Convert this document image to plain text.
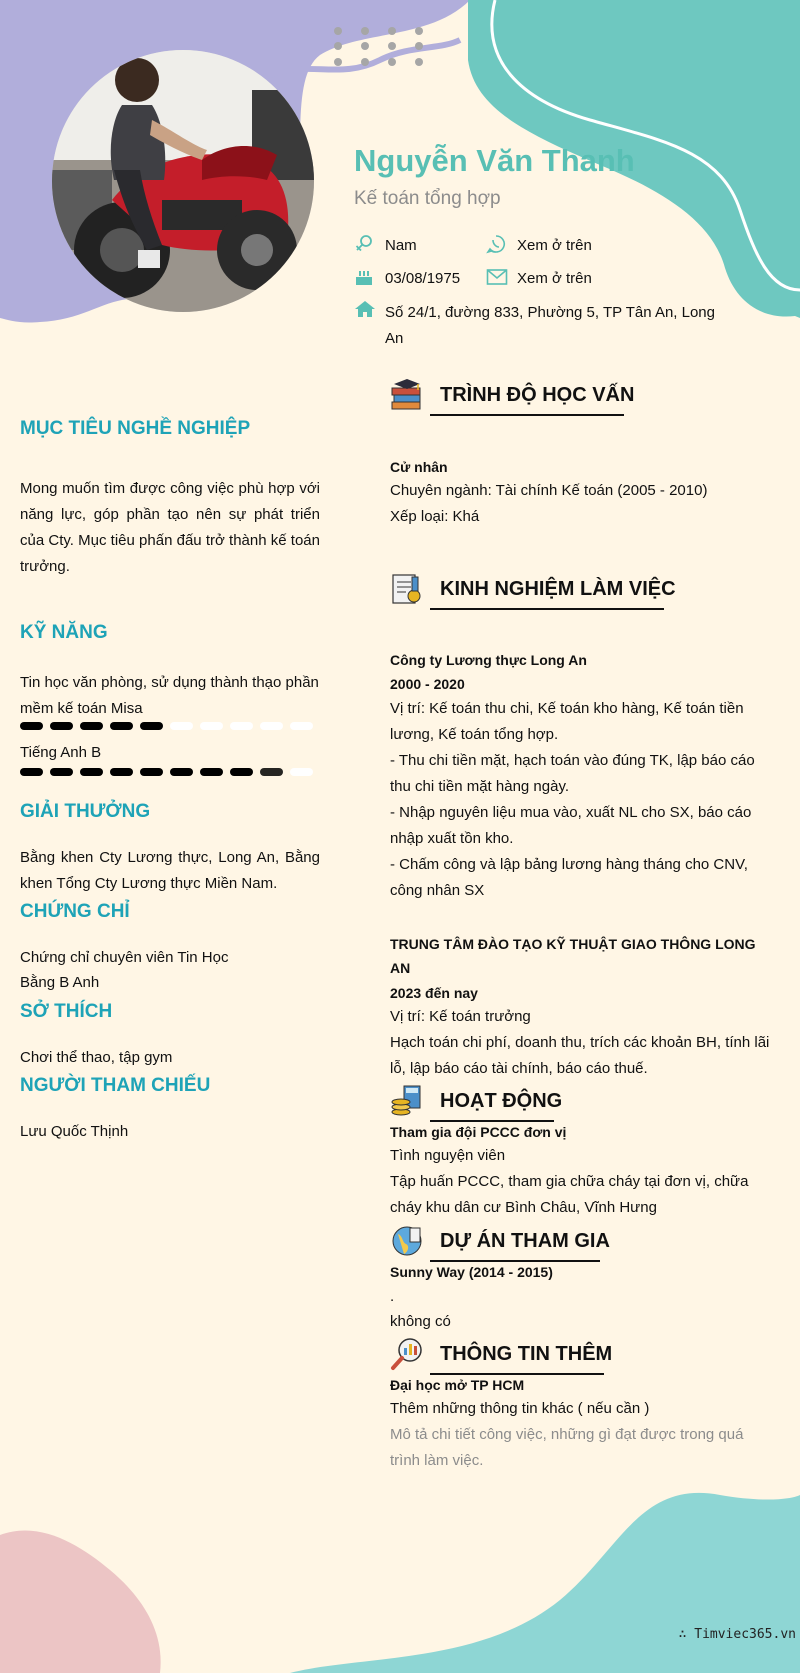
Nguyễn Văn Thanh
Kế toán tổng hợp
Nam	Xem ở trên
03/08/1975	Xem ở trên
Số 24/1, đường 833, Phường 5, TP Tân An, Long
An
MỤC TIÊU NGHỀ NGHIỆP
Mong muốn tìm được công việc phù hợp với năng lực, góp phần tạo nên sự phát triển của Cty. Mục tiêu phấn đấu trở thành kế toán trưởng.
KỸ NĂNG
Tin học văn phòng, sử dụng thành thạo phần mềm kế toán Misa
Tiếng Anh B
GIẢI THƯỞNG
Bằng khen Cty Lương thực, Long An, Bằng khen Tổng Cty Lương thực Miền Nam.
CHỨNG CHỈ
Chứng chỉ chuyên viên Tin Học
Bằng B Anh
SỞ THÍCH
Chơi thể thao, tập gym
NGƯỜI THAM CHIẾU
Lưu Quốc Thịnh
TRÌNH ĐỘ HỌC VẤN
Cử nhân
Chuyên ngành: Tài chính Kế toán (2005 - 2010)
Xếp loại: Khá
KINH NGHIỆM LÀM VIỆC
Công ty Lương thực Long An
2000 - 2020
Vị trí: Kế toán thu chi, Kế toán kho hàng, Kế toán tiền lương, Kế toán tổng hợp.
- Thu chi tiền mặt, hạch toán vào đúng TK, lập báo cáo thu chi tiền mặt hàng ngày.
- Nhập nguyên liệu mua vào, xuất NL cho SX, báo cáo nhập xuất tồn kho.
- Chấm công và lập bảng lương hàng tháng cho CNV, công nhân SX
TRUNG TÂM ĐÀO TẠO KỸ THUẬT GIAO THÔNG LONG AN
2023 đến nay
Vị trí: Kế toán trưởng
Hạch toán chi phí, doanh thu, trích các khoản BH, tính lãi lỗ, lập báo cáo tài chính, báo cáo thuế.
HOẠT ĐỘNG
Tham gia đội PCCC đơn vị
Tình nguyện viên
Tập huấn PCCC, tham gia chữa cháy tại đơn vị, chữa cháy khu dân cư Bình Châu, Vĩnh Hưng
DỰ ÁN THAM GIA
Sunny Way (2014 - 2015)
.
không có
THÔNG TIN THÊM
Đại học mở TP HCM
Thêm những thông tin khác ( nếu cần )
Mô tả chi tiết công việc, những gì đạt được trong quá trình làm việc.
∴ Timviec365.vn
